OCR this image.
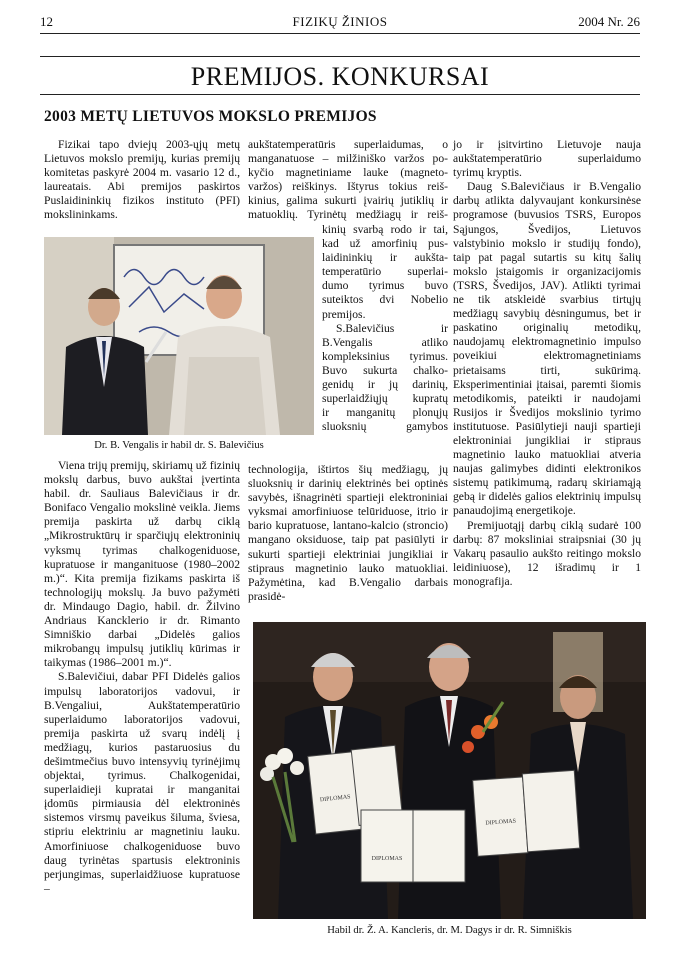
12	FIZIKŲ ŽINIOS	2004 Nr. 26
PREMIJOS. KONKURSAI
2003 METŲ LIETUVOS MOKSLO PREMIJOS

Fizikai tapo dviejų 2003-ųjų metų Lietuvos mokslo premijų, kurias premijų komitetas paskyrė 2004 m. vasario 12 d., laureatais. Abi premijos paskirtos Puslaidininkių fizikos instituto (PFI) mokslininkams.

Dr. B. Vengalis ir habil dr. S. Balevičius

Viena trijų premijų, skiriamų už fizinių mokslų darbus, buvo aukštai įvertinta habil. dr. Sauliaus Balevičiaus ir dr. Bonifaco Vengalio mokslinė veikla. Jiems premija paskirta už darbų ciklą „Mikrostruktūrų ir sparčiųjų elektroninių vyksmų tyrimas chalkogeniduose, kupratuose ir manganituose (1980–2002 m.)“. Kita premija fizikams paskirta iš technologijų mokslų. Ja buvo pažymėti dr. Mindaugo Dagio, habil. dr. Žilvino Andriaus Kancklerio ir dr. Rimanto Simniškio darbai „Didelės galios mikrobangų impulsų jutiklių kūrimas ir taikymas (1986–2001 m.)“.

S.Balevičiui, dabar PFI Didelės galios impulsų laboratorijos vadovui, ir B.Vengaliui, Aukštatemperatūrio superlaidumo laboratorijos vadovui, premija paskirta už svarų indėlį į medžiagų, kurios pastaruosius du dešimtmečius buvo intensyvių tyrinėjimų objektai, tyrimus. Chalkogenidai, superlaidieji kupratai ir manganitai įdomūs pirmiausia dėl elektroninės sistemos virsmų paveikus šiluma, šviesa, stipriu elektriniu ar magnetiniu lauku. Amorfiniuose chalkogeniduose buvo daug tyrinėtas spartusis elektroninis perjungimas, superlaidžiuose kupratuose –

aukštatemperatūris superlaidumas, o
manganatuose – milžiniško varžos po-
kyčio magnetiniame lauke (magneto-
varžos) reiškinys. Ištyrus tokius reiš-
kinius, galima sukurti įvairių jutiklių ir
matuoklių. Tyrinėtų medžiagų ir reiš-
kinių svarbą rodo ir tai,
kad už amorfinių pus-
laidininkių ir aukšta-
temperatūrio superlai-
dumo tyrimus buvo
suteiktos dvi Nobelio
premijos.
S.Balevičius ir
B.Vengalis atliko
kompleksinius tyrimus.
Buvo sukurta chalko-
genidų ir jų darinių,
superlaidžiųjų kupratų
ir manganitų plonųjų
sluoksnių gamybos

technologija, ištirtos šių medžiagų, jų sluoksnių ir darinių elektrinės bei optinės savybės, išnagrinėti spartieji elektroniniai vyksmai amorfiniuose telūriduose, itrio ir bario kupratuose, lantano-kalcio (stroncio) mangano oksiduose, taip pat pasiūlyti ir sukurti spartieji elektriniai jungikliai ir stipraus magnetinio lauko matuokliai. Pažymėtina, kad B.Vengalio darbais prasidė-

jo ir įsitvirtino Lietuvoje nauja aukštatemperatūrio superlaidumo tyrimų kryptis.

Daug S.Balevičiaus ir B.Vengalio darbų atlikta dalyvaujant konkursinėse programose (buvusios TSRS, Europos Sąjungos, Švedijos, Lietuvos valstybinio mokslo ir studijų fondo), taip pat pagal sutartis su kitų šalių mokslo įstaigomis ir organizacijomis (TSRS, Švedijos, JAV). Atlikti tyrimai ne tik atskleidė svarbius tirtųjų medžiagų savybių dėsningumus, bet ir paskatino originalių metodikų, naudojamų elektromagnetinio impulso poveikiui elektromagnetiniams prietaisams tirti, sukūrimą. Eksperimentiniai įtaisai, paremti šiomis metodikomis, pateikti ir naudojami Rusijos ir Švedijos mokslinio tyrimo institutuose. Pasiūlytieji nauji spartieji elektroniniai jungikliai ir stipraus magnetinio lauko matuokliai atveria naujas galimybes didinti elektronikos sistemų patikimumą, radarų skiriamąją gebą ir didelės galios elektrinių impulsų panaudojimą energetikoje.

Premijuotąjį darbų ciklą sudarė 100 darbų: 87 moksliniai straipsniai (30 jų Vakarų pasaulio aukšto reitingo mokslo leidiniuose), 12 išradimų ir 1 monografija.

DIPLOMAS
DIPLOMAS
DIPLOMAS
Habil dr. Ž. A. Kancleris, dr. M. Dagys ir dr. R. Simniškis
